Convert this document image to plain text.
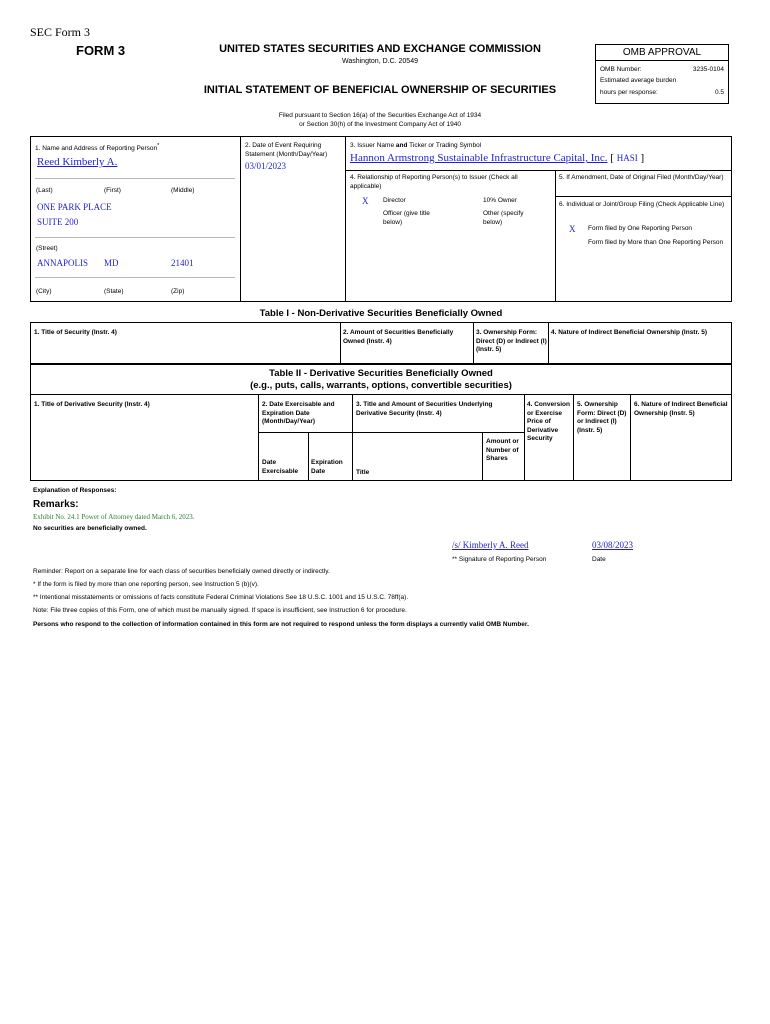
SEC Form 3
FORM 3	UNITED STATES SECURITIES AND EXCHANGE COMMISSION
Washington, D.C. 20549
INITIAL STATEMENT OF BENEFICIAL OWNERSHIP OF SECURITIES
OMB APPROVAL
OMB Number:	3235-0104
Estimated average burden
hours per response:	0.5
Filed pursuant to Section 16(a) of the Securities Exchange Act of 1934
or Section 30(h) of the Investment Company Act of 1940
1. Name and Address of Reporting Person*
Reed Kimberly A.
(Last)	(First)	(Middle)
ONE PARK PLACE
SUITE 200
(Street)
ANNAPOLIS MD	21401
(City)	(State)	(Zip)
2. Date of Event Requiring Statement (Month/Day/Year)
03/01/2023
3. Issuer Name and Ticker or Trading Symbol
Hannon Armstrong Sustainable Infrastructure Capital, Inc. [ HASI ]
4. Relationship of Reporting Person(s) to Issuer (Check all applicable)
X Director	10% Owner
Officer (give title below)
Other (specify below)
5. If Amendment, Date of Original Filed (Month/Day/Year)
6. Individual or Joint/Group Filing (Check Applicable Line)
X Form filed by One Reporting Person
Form filed by More than One Reporting Person
Table I - Non-Derivative Securities Beneficially Owned
1. Title of Security (Instr. 4)	2. Amount of Securities Beneficially Owned (Instr. 4)
3. Ownership Form: Direct (D) or Indirect (I) (Instr. 5)
4. Nature of Indirect Beneficial Ownership (Instr. 5)
Table II - Derivative Securities Beneficially Owned
(e.g., puts, calls, warrants, options, convertible securities)
1. Title of Derivative Security (Instr. 4)	2. Date Exercisable and Expiration Date (Month/Day/Year)
3. Title and Amount of Securities Underlying Derivative Security (Instr. 4)
4. Conversion or Exercise Price of Derivative Security
5. Ownership Form: Direct (D) or Indirect (I) (Instr. 5)
6. Nature of Indirect Beneficial Ownership (Instr. 5)
Date Exercisable
Expiration Date	Title
Amount or Number of Shares
Explanation of Responses:
Remarks:
Exhibit No. 24.1 Power of Attorney dated March 6, 2023.
No securities are beneficially owned.
/s/ Kimberly A. Reed	03/08/2023
** Signature of Reporting Person	Date
Reminder: Report on a separate line for each class of securities beneficially owned directly or indirectly.
* If the form is filed by more than one reporting person, see Instruction 5 (b)(v).
** Intentional misstatements or omissions of facts constitute Federal Criminal Violations See 18 U.S.C. 1001 and 15 U.S.C. 78ff(a).
Note: File three copies of this Form, one of which must be manually signed. If space is insufficient, see Instruction 6 for procedure.
Persons who respond to the collection of information contained in this form are not required to respond unless the form displays a currently valid OMB Number.
